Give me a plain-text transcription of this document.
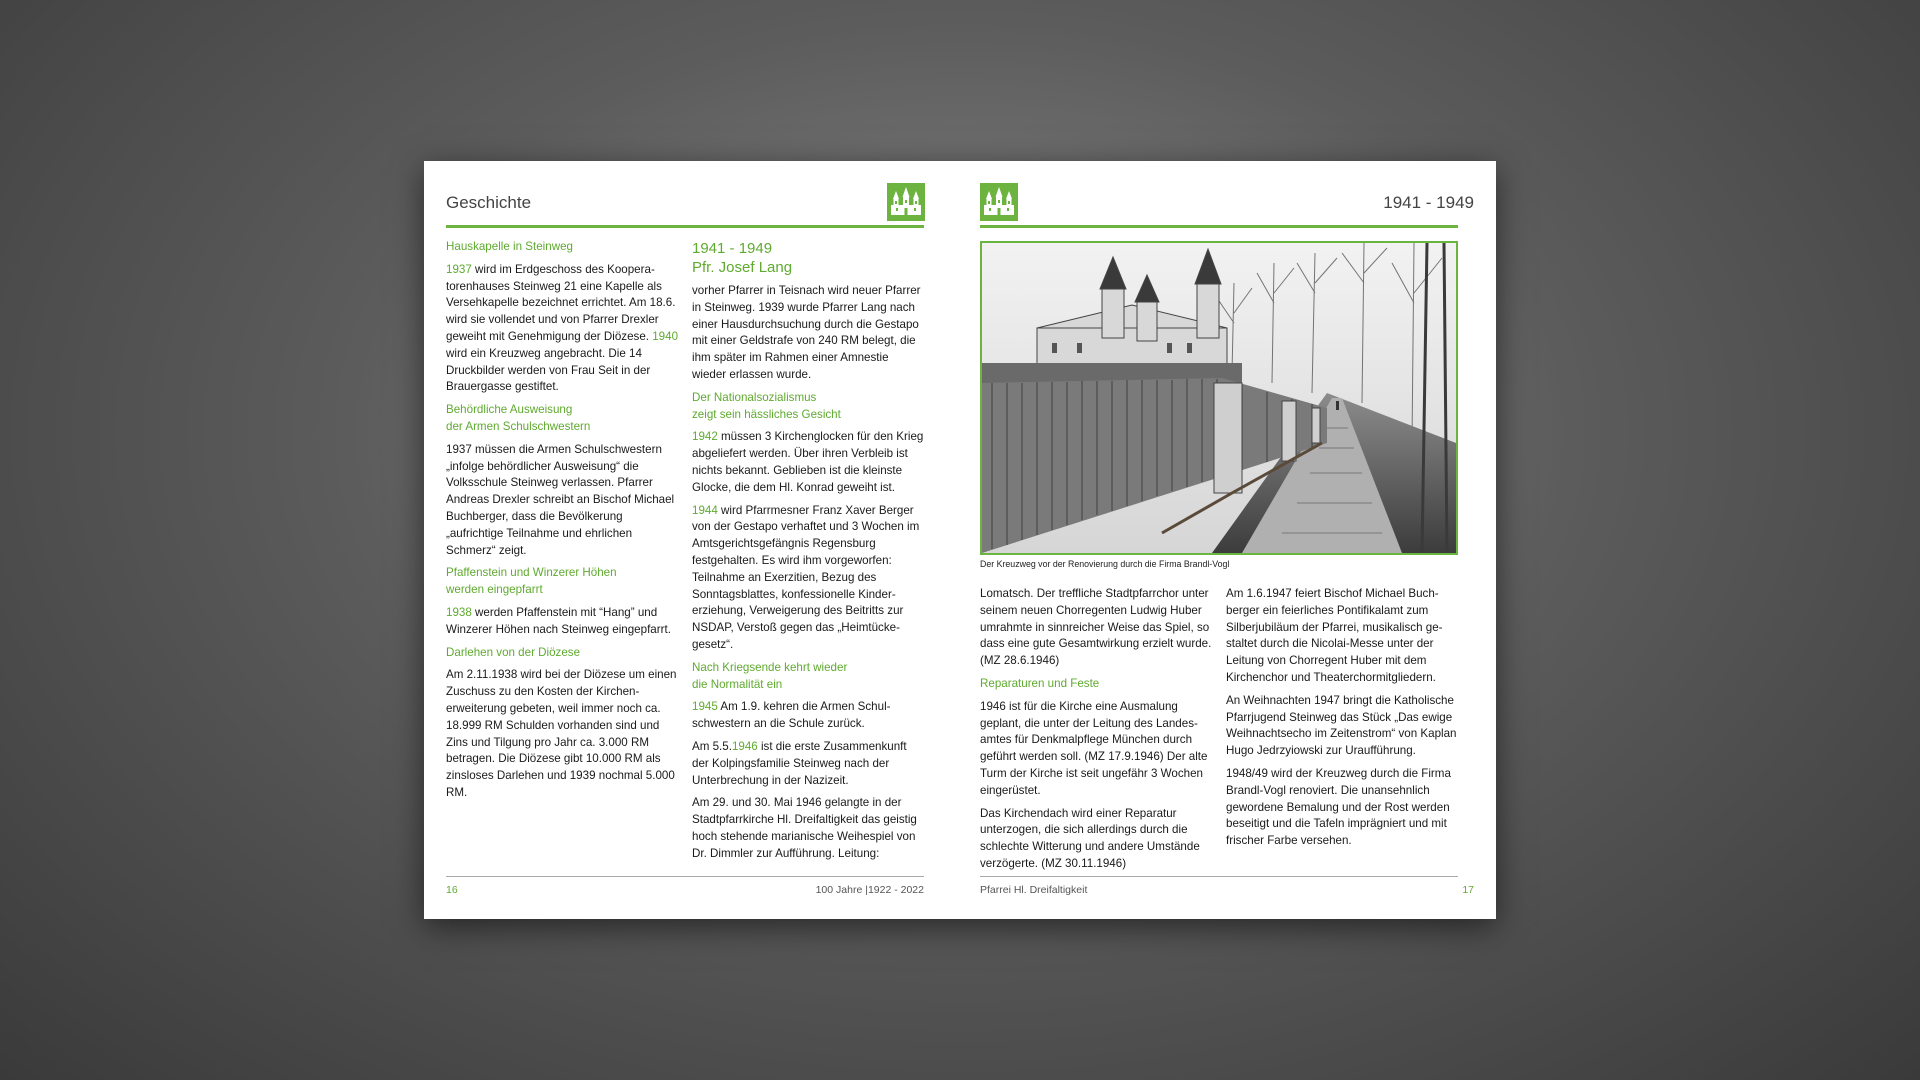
Geschichte
Hauskapelle in Steinweg

1937 wird im Erdgeschoss des Kooperatorenhauses Steinweg 21 eine Kapelle als Versehkapelle bezeichnet errichtet. Am 18.6. wird sie vollendet und von Pfarrer Drexler geweiht mit Genehmigung der Diözese. 1940 wird ein Kreuzweg angebracht. Die 14 Druckbilder werden von Frau Seit in der Brauergasse gestiftet.

Behördliche Ausweisung
der Armen Schulschwestern

1937 müssen die Armen Schulschwestern „infolge behördlicher Ausweisung“ die Volksschule Steinweg verlassen. Pfarrer Andreas Drexler schreibt an Bischof Michael Buchberger, dass die Bevölkerung „aufrichtige Teilnahme und ehrlichen Schmerz“ zeigt.

Pfaffenstein und Winzerer Höhen
werden eingepfarrt

1938 werden Pfaffenstein mit “Hang” und Winzerer Höhen nach Steinweg eingepfarrt.

Darlehen von der Diözese

Am 2.11.1938 wird bei der Diözese um einen Zuschuss zu den Kosten der Kirchenerweiterung gebeten, weil immer noch ca. 18.999 RM Schulden vorhanden sind und Zins und Tilgung pro Jahr ca. 3.000 RM betragen. Die Diözese gibt 10.000 RM als zinsloses Darlehen und 1939 nochmal 5.000 RM.

1941 - 1949
Pfr. Josef Lang

vorher Pfarrer in Teisnach wird neuer Pfarrer in Steinweg. 1939 wurde Pfarrer Lang nach einer Hausdurchsuchung durch die Gestapo mit einer Geldstrafe von 240 RM belegt, die ihm später im Rahmen einer Amnestie wieder erlassen wurde.

Der Nationalsozialismus
zeigt sein hässliches Gesicht

1942 müssen 3 Kirchenglocken für den Krieg abgeliefert werden. Über ihren Verbleib ist nichts bekannt. Geblieben ist die kleinste Glocke, die dem Hl. Konrad geweiht ist.

1944 wird Pfarrmesner Franz Xaver Berger von der Gestapo verhaftet und 3 Wochen im Amtsgerichtsgefängnis Regensburg festgehalten. Es wird ihm vorgeworfen: Teilnahme an Exerzitien, Bezug des Sonntagsblattes, konfessionelle Kindererziehung, Verweigerung des Beitritts zur NSDAP, Verstoß gegen das „Heimtückegesetz“.

Nach Kriegsende kehrt wieder
die Normalität ein

1945 Am 1.9. kehren die Armen Schulschwestern an die Schule zurück.

Am 5.5.1946 ist die erste Zusammenkunft der Kolpingsfamilie Steinweg nach der Unterbrechung in der Nazizeit.

Am 29. und 30. Mai 1946 gelangte in der Stadtpfarrkirche Hl. Dreifaltigkeit das geistig hoch stehende marianische Weihespiel von Dr. Dimmler zur Aufführung. Leitung:

16	100 Jahre |1922 - 2022
1941 - 1949
Der Kreuzweg vor der Renovierung durch die Firma Brandl-Vogl

Lomatsch. Der treffliche Stadtpfarrchor unter seinem neuen Chorregenten Ludwig Huber umrahmte in sinnreicher Weise das Spiel, so dass eine gute Gesamtwirkung erzielt wurde. (MZ 28.6.1946)

Reparaturen und Feste

1946 ist für die Kirche eine Ausmalung geplant, die unter der Leitung des Landesamtes für Denkmalpflege München durch geführt werden soll. (MZ 17.9.1946) Der alte Turm der Kirche ist seit ungefähr 3 Wochen eingerüstet.

Das Kirchendach wird einer Reparatur unterzogen, die sich allerdings durch die schlechte Witterung und andere Umstände verzögerte. (MZ 30.11.1946)

Am 1.6.1947 feiert Bischof Michael Buchberger ein feierliches Pontifikalamt zum Silberjubiläum der Pfarrei, musikalisch gestaltet durch die Nicolai-Messe unter der Leitung von Chorregent Huber mit dem Kirchenchor und Theaterchormitgliedern.

An Weihnachten 1947 bringt die Katholische Pfarrjugend Steinweg das Stück „Das ewige Weihnachtsecho im Zeitenstrom“ von Kaplan Hugo Jedrzyiowski zur Uraufführung.

1948/49 wird der Kreuzweg durch die Firma Brandl-Vogl renoviert. Die unansehnlich gewordene Bemalung und der Rost werden beseitigt und die Tafeln imprägniert und mit frischer Farbe versehen.

Pfarrei Hl. Dreifaltigkeit	17
